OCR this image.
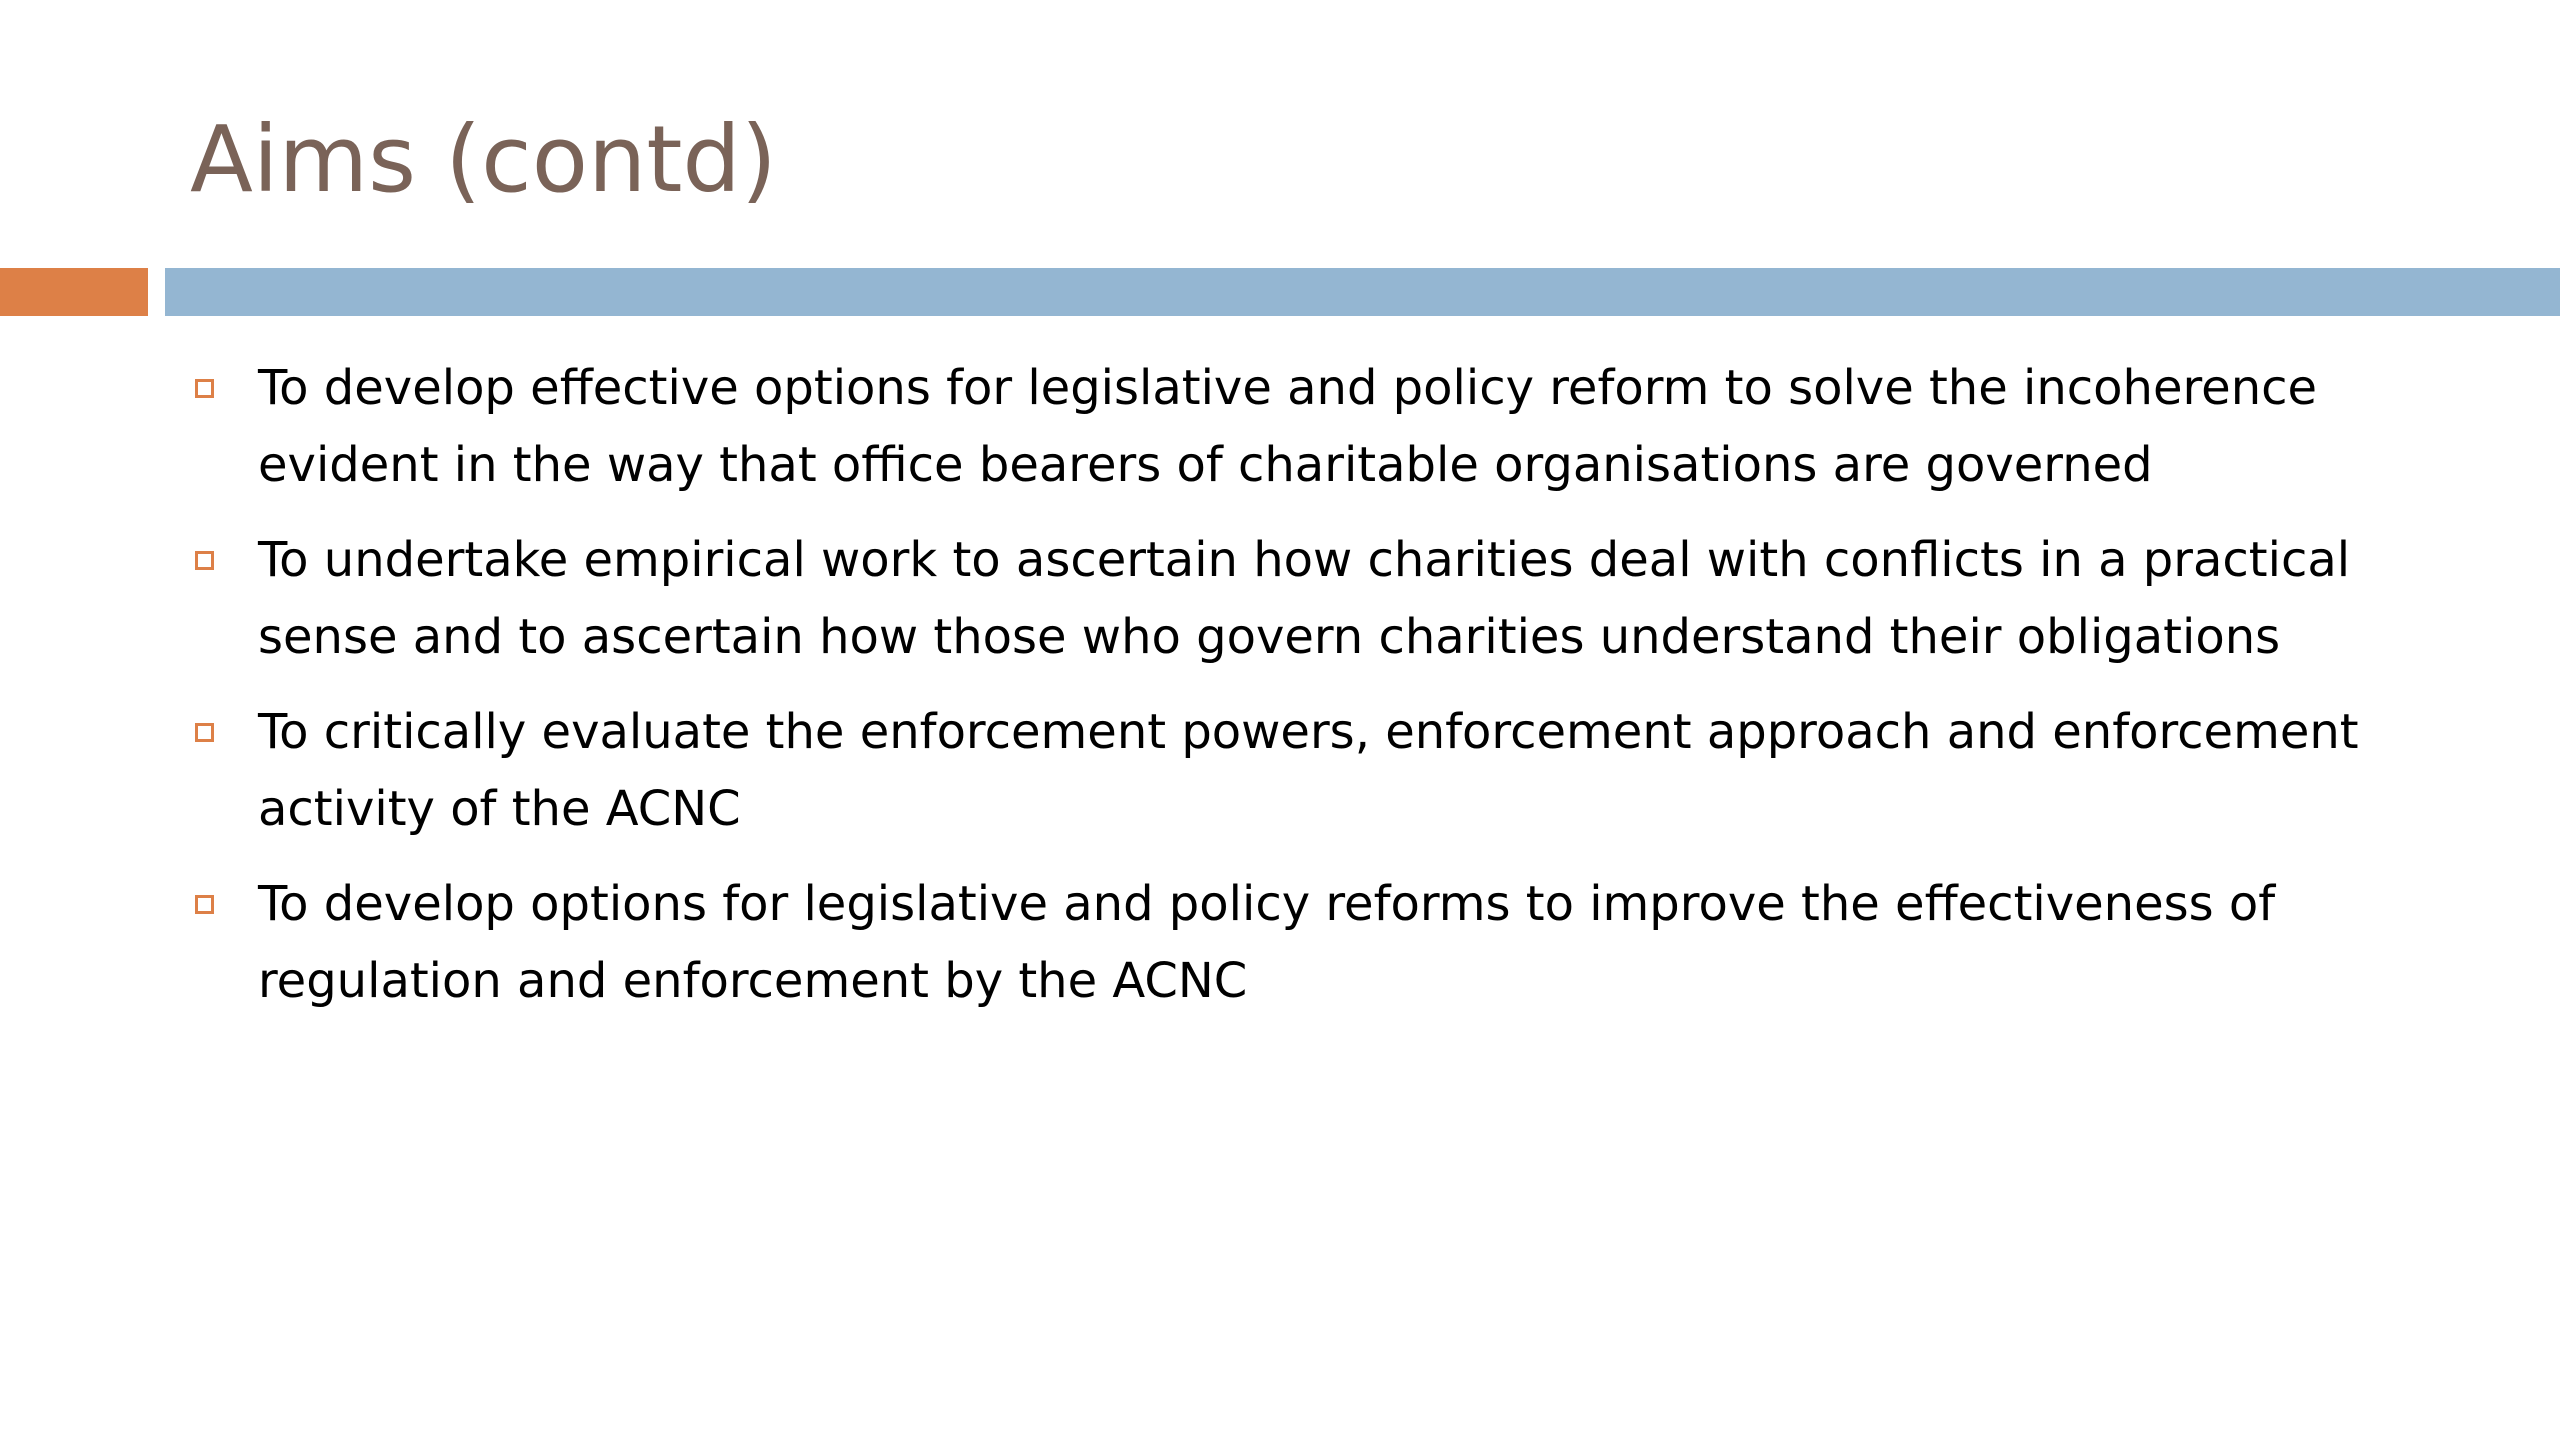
Aims (contd)
To develop effective options for legislative and policy reform to solve the incoherence evident in the way that office bearers of charitable organisations are governed
To undertake empirical work to ascertain how charities deal with conflicts in a practical sense and to ascertain how those who govern charities understand their obligations
To critically evaluate the enforcement powers, enforcement approach and enforcement activity of the ACNC
To develop options for legislative and policy reforms to improve the effectiveness of regulation and enforcement by the ACNC
